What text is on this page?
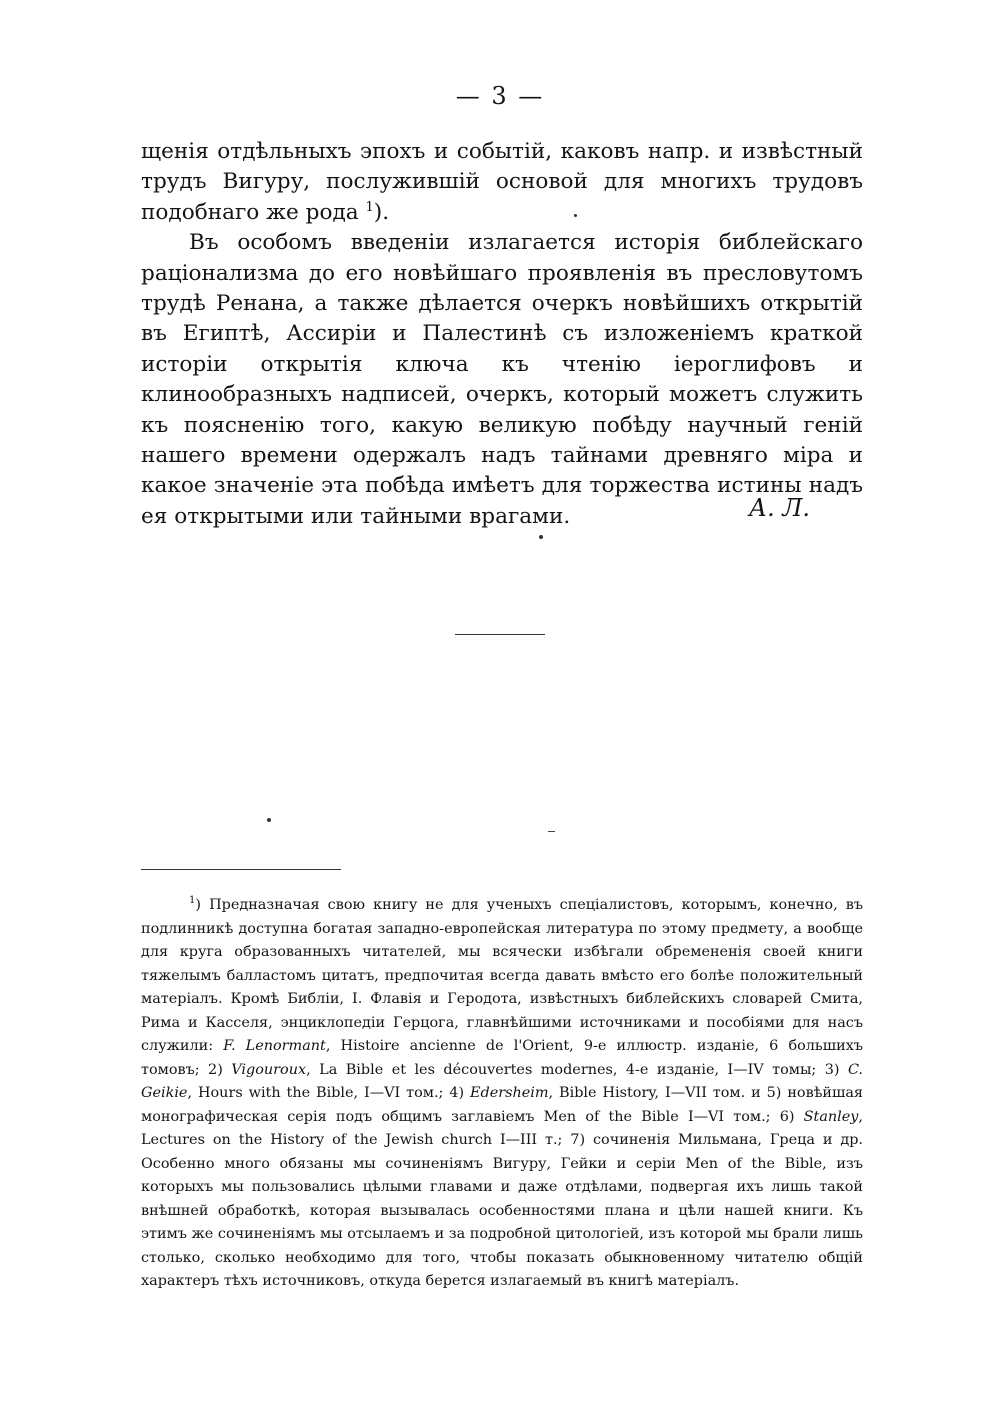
— 3 —

щенія отдѣльныхъ эпохъ и событій, каковъ напр. и извѣстный трудъ Вигуру, послужившій основой для многихъ трудовъ подобнаго же рода $^1$).

Въ особомъ введеніи излагается исторія библейскаго раціонализма до его новѣйшаго проявленія въ пресловутомъ трудѣ Ренана, а также дѣлается очеркъ новѣйшихъ открытій въ Египтѣ, Ассиріи и Палестинѣ съ изложеніемъ краткой исторіи открытія ключа къ чтенію іероглифовъ и клинообразныхъ надписей, очеркъ, который можетъ служить къ поясненію того, какую великую побѣду научный геній нашего времени одержалъ надъ тайнами древняго міра и какое значеніе эта побѣда имѣетъ для торжества истины надъ ея открытыми или тайными врагами.	А. Л.
$^1$) Предназначая свою книгу не для ученыхъ спеціалистовъ, которымъ, конечно, въ подлинникѣ доступна богатая западно-европейская литература по этому предмету, а вообще для круга образованныхъ читателей, мы всячески избѣгали обремененія своей книги тяжелымъ балластомъ цитатъ, предпочитая всегда давать вмѣсто его болѣе положительный матеріалъ. Кромѣ Библіи, І. Флавія и Геродота, извѣстныхъ библейскихъ словарей Смита, Рима и Касселя, энциклопедіи Герцога, главнѣйшими источниками и пособіями для насъ служили: F. Lenormant, Histoire ancienne de l'Orient, 9-е иллюстр. изданіе, 6 большихъ томовъ; 2) Vigouroux, La Bible et les découvertes modernes, 4-е изданіе, I—IV томы; 3) C. Geikie, Hours with the Bible, I—VI том.; 4) Edersheim, Bible History, I—VII том. и 5) новѣйшая монографическая серія подъ общимъ заглавіемъ Men of the Bible I—VI том.; 6) Stanley, Lectures on the History of the Jewish church I—III т.; 7) сочиненія Мильмана, Греца и др. Особенно много обязаны мы сочиненіямъ Вигуру, Гейки и серіи Men of the Bible, изъ которыхъ мы пользовались цѣлыми главами и даже отдѣлами, подвергая ихъ лишь такой внѣшней обработкѣ, которая вызывалась особенностями плана и цѣли нашей книги. Къ этимъ же сочиненіямъ мы отсылаемъ и за подробной цитологіей, изъ которой мы брали лишь столько, сколько необходимо для того, чтобы показать обыкновенному читателю общій характеръ тѣхъ источниковъ, откуда берется излагаемый въ книгѣ матеріалъ.
